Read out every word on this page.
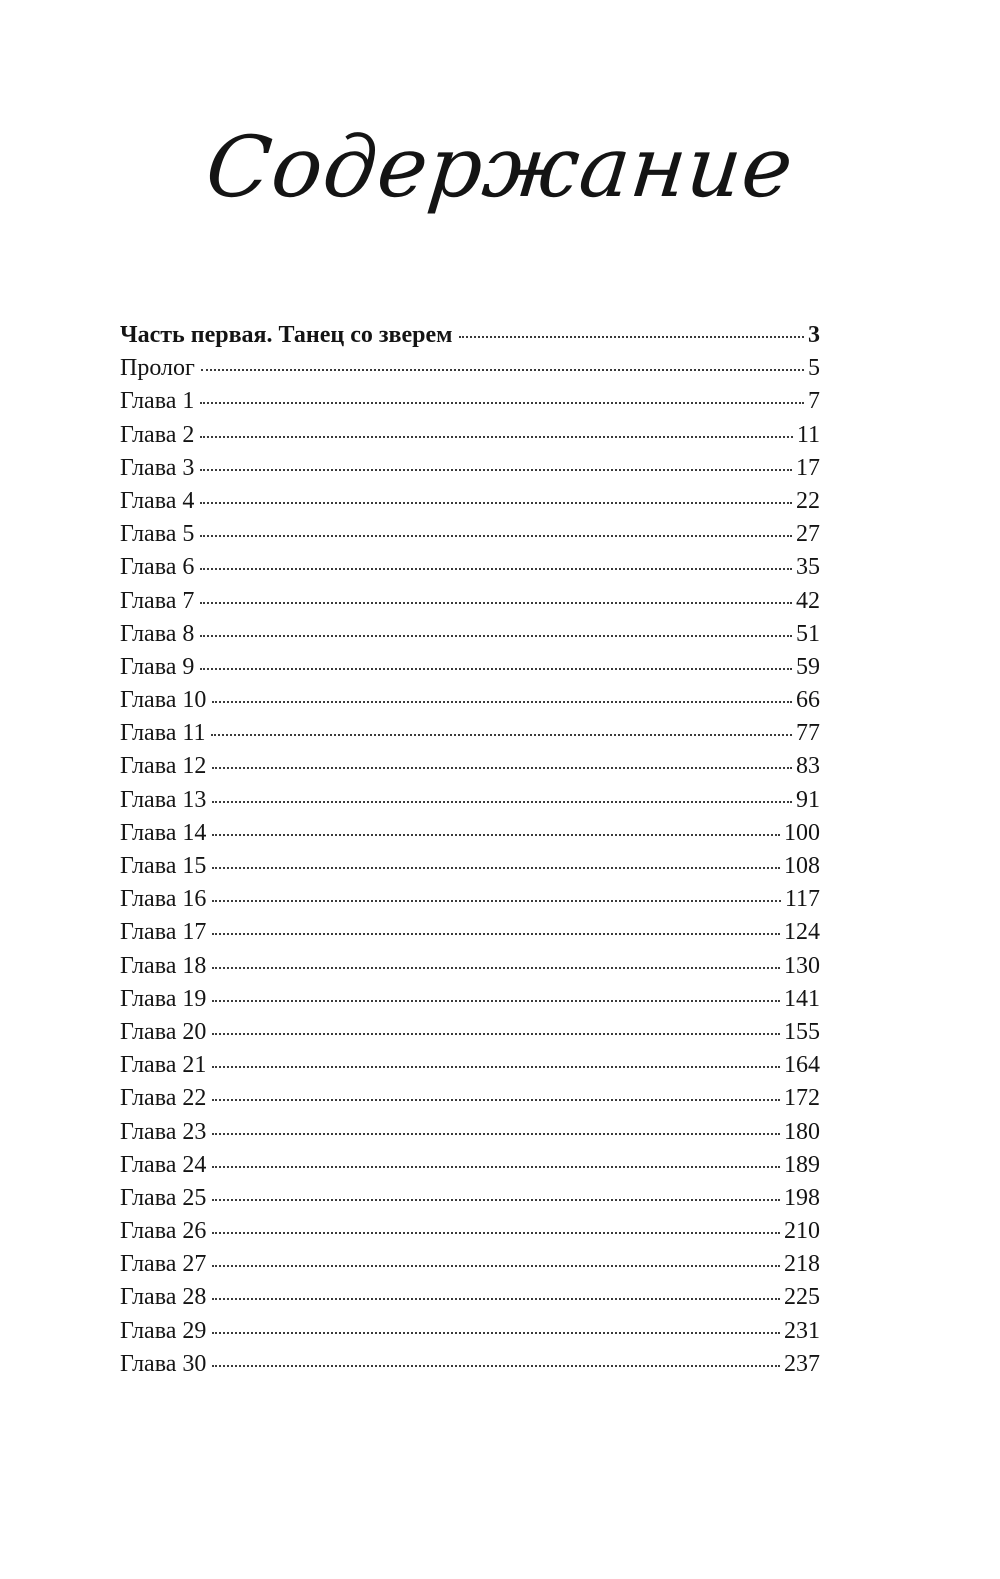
Содержание
Часть первая. Танец со зверем	3
Пролог	5
Глава 1	7
Глава 2	11
Глава 3	17
Глава 4	22
Глава 5	27
Глава 6	35
Глава 7	42
Глава 8	51
Глава 9	59
Глава 10	66
Глава 11	77
Глава 12	83
Глава 13	91
Глава 14	100
Глава 15	108
Глава 16	117
Глава 17	124
Глава 18	130
Глава 19	141
Глава 20	155
Глава 21	164
Глава 22	172
Глава 23	180
Глава 24	189
Глава 25	198
Глава 26	210
Глава 27	218
Глава 28	225
Глава 29	231
Глава 30	237
